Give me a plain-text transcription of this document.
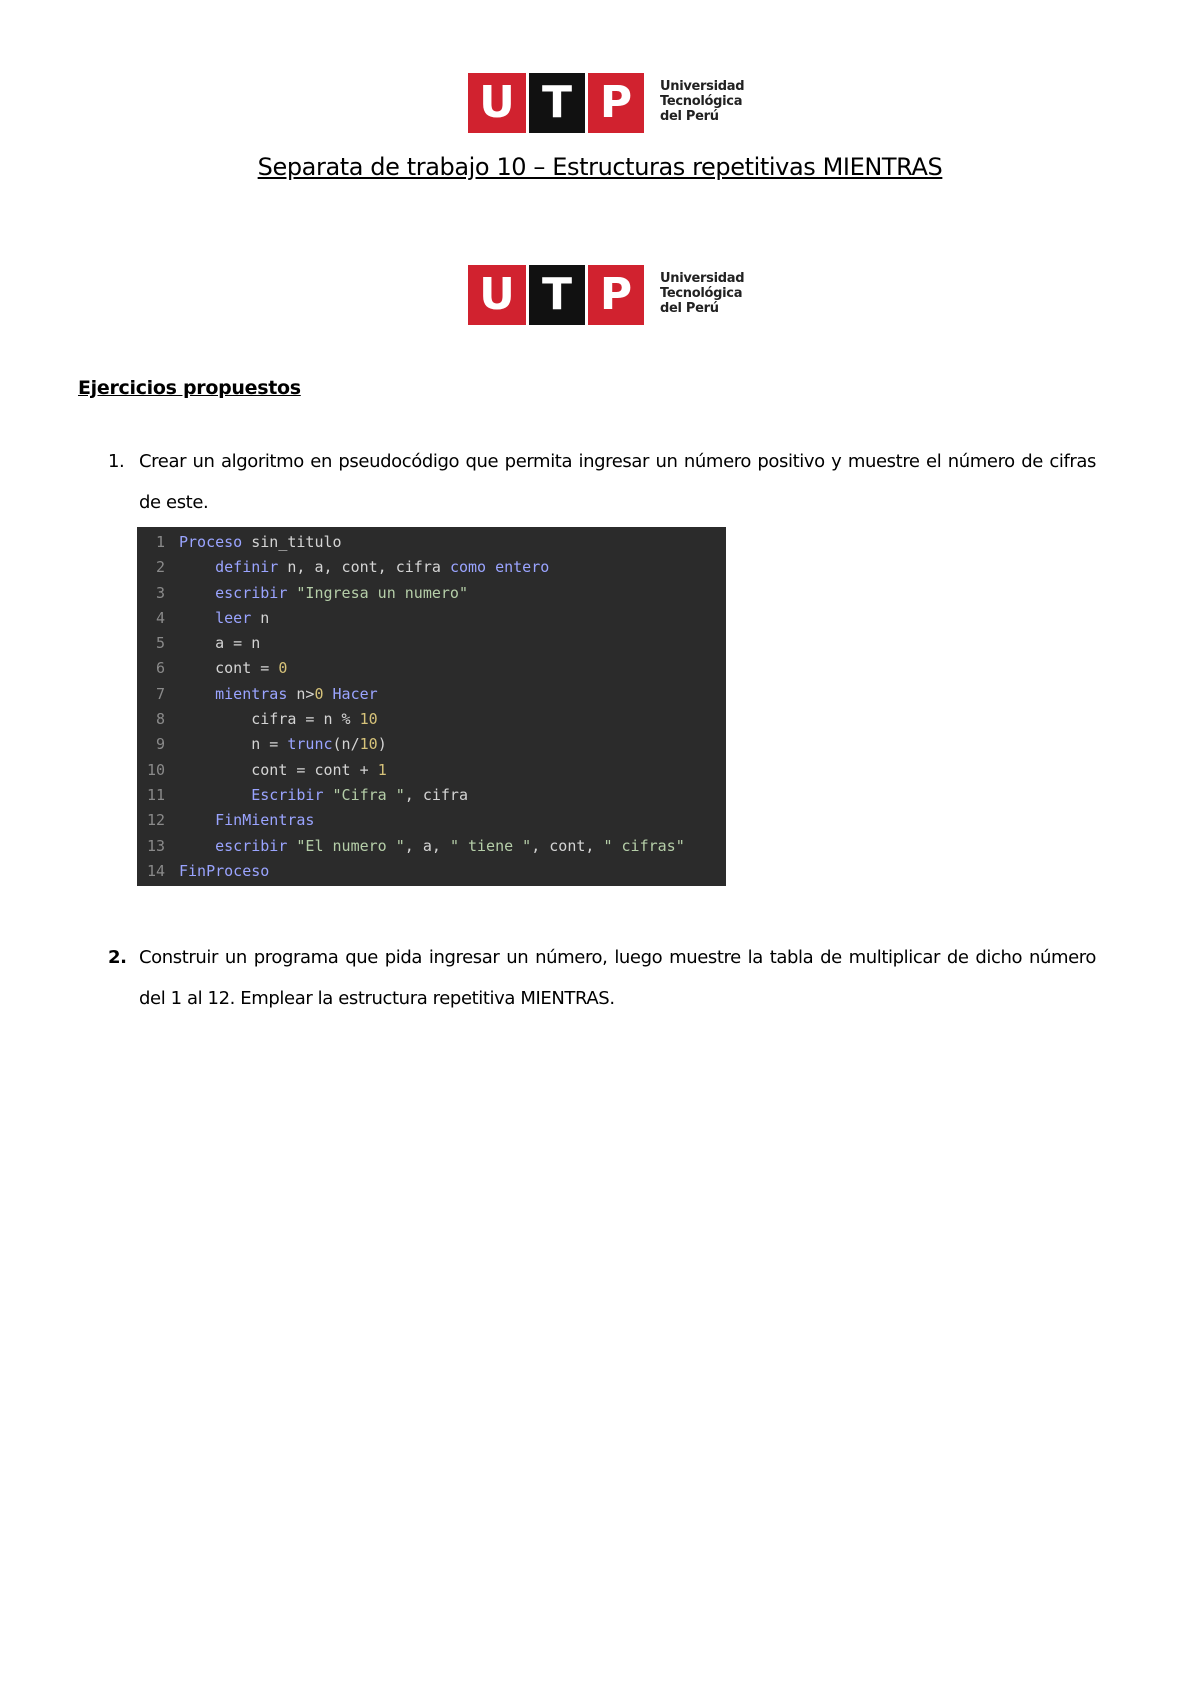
U T P	Universidad
Tecnológica
del Perú
Separata de trabajo 10 – Estructuras repetitivas MIENTRAS
U T P	Universidad
Tecnológica
del Perú
Ejercicios propuestos
1. Crear un algoritmo en pseudocódigo que permita ingresar un número positivo y muestre el número de cifras de este.
1 Proceso sin_titulo
2	definir n, a, cont, cifra como entero
3	escribir "Ingresa un numero"
4	leer n
5 a = n
6 cont = 0
7	mientras n>0 Hacer
8 cifra = n % 10
9 n = trunc(n/10)
10 cont = cont + 1
11	Escribir "Cifra ", cifra
12	FinMientras
13	escribir "El numero ", a, " tiene ", cont, " cifras"
14 FinProceso
2. Construir un programa que pida ingresar un número, luego muestre la tabla de multiplicar de dicho número del 1 al 12. Emplear la estructura repetitiva MIENTRAS.
